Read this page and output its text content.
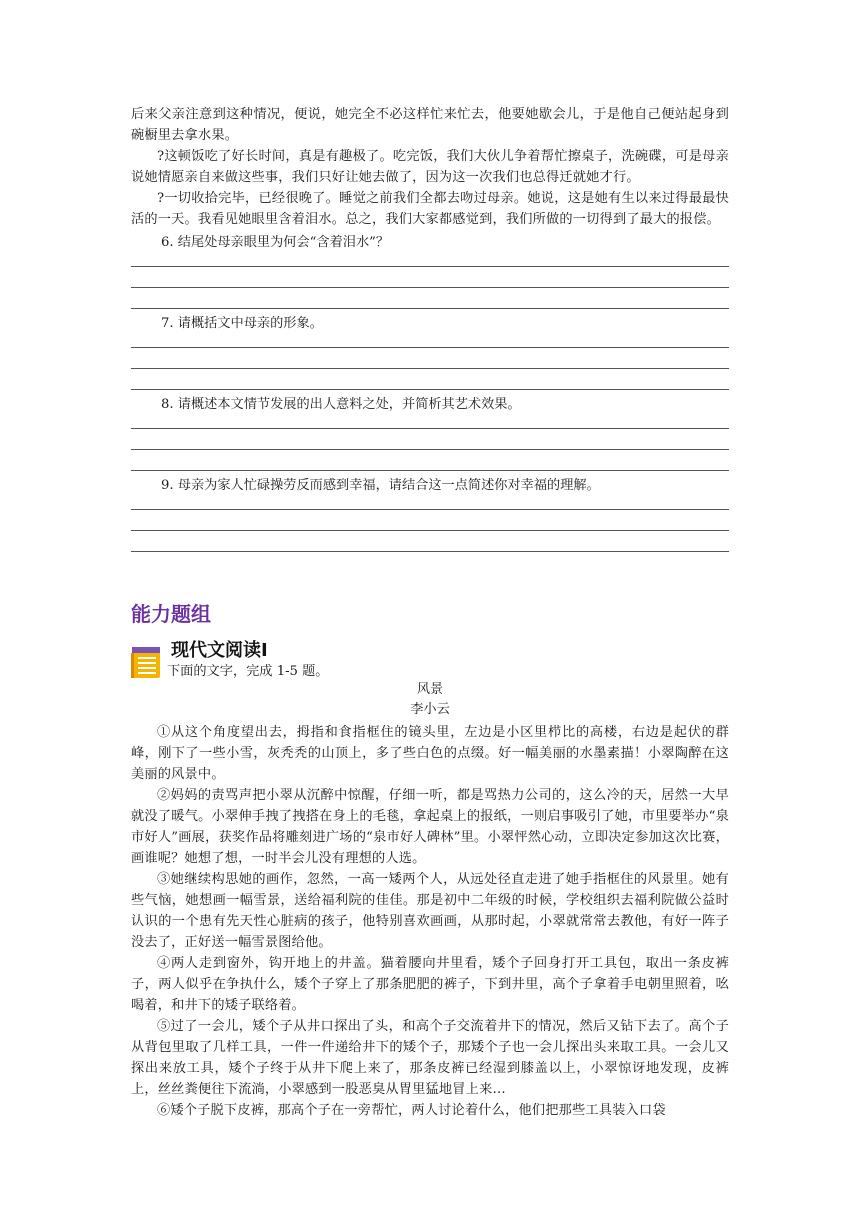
后来父亲注意到这种情况，便说，她完全不必这样忙来忙去，他要她歇会儿，于是他自己便站起身到碗橱里去拿水果。

?这顿饭吃了好长时间，真是有趣极了。吃完饭，我们大伙儿争着帮忙擦桌子，洗碗碟，可是母亲说她情愿亲自来做这些事，我们只好让她去做了，因为这一次我们也总得迁就她才行。

?一切收拾完毕，已经很晚了。睡觉之前我们全都去吻过母亲。她说，这是她有生以来过得最最快活的一天。我看见她眼里含着泪水。总之，我们大家都感觉到，我们所做的一切得到了最大的报偿。

6. 结尾处母亲眼里为何会“含着泪水”？

7. 请概括文中母亲的形象。

8. 请概述本文情节发展的出人意料之处，并简析其艺术效果。

9. 母亲为家人忙碌操劳反而感到幸福，请结合这一点简述你对幸福的理解。

能力题组
现代文阅读Ⅰ
下面的文字，完成 1-5 题。

风景

李小云

①从这个角度望出去，拇指和食指框住的镜头里，左边是小区里栉比的高楼，右边是起伏的群峰，刚下了一些小雪，灰秃秃的山顶上，多了些白色的点缀。好一幅美丽的水墨素描！小翠陶醉在这美丽的风景中。

②妈妈的责骂声把小翠从沉醉中惊醒，仔细一听，都是骂热力公司的，这么冷的天，居然一大早就没了暖气。小翠伸手拽了拽搭在身上的毛毯，拿起桌上的报纸，一则启事吸引了她，市里要举办“泉市好人”画展，获奖作品将雕刻进广场的“泉市好人碑林”里。小翠怦然心动，立即决定参加这次比赛，画谁呢？她想了想，一时半会儿没有理想的人选。

③她继续构思她的画作，忽然，一高一矮两个人，从远处径直走进了她手指框住的风景里。她有些气恼，她想画一幅雪景，送给福利院的佳佳。那是初中二年级的时候，学校组织去福利院做公益时认识的一个患有先天性心脏病的孩子，他特别喜欢画画，从那时起，小翠就常常去教他，有好一阵子没去了，正好送一幅雪景图给他。

④两人走到窗外，钩开地上的井盖。猫着腰向井里看，矮个子回身打开工具包，取出一条皮裤子，两人似乎在争执什么，矮个子穿上了那条肥肥的裤子，下到井里，高个子拿着手电朝里照着，吆喝着，和井下的矮子联络着。

⑤过了一会儿，矮个子从井口探出了头，和高个子交流着井下的情况，然后又钻下去了。高个子从背包里取了几样工具，一件一件递给井下的矮个子，那矮个子也一会儿探出头来取工具。一会儿又探出来放工具，矮个子终于从井下爬上来了，那条皮裤已经湿到膝盖以上，小翠惊讶地发现，皮裤上，丝丝粪便往下流淌，小翠感到一股恶臭从胃里猛地冒上来…

⑥矮个子脱下皮裤，那高个子在一旁帮忙，两人讨论着什么，他们把那些工具装入口袋
